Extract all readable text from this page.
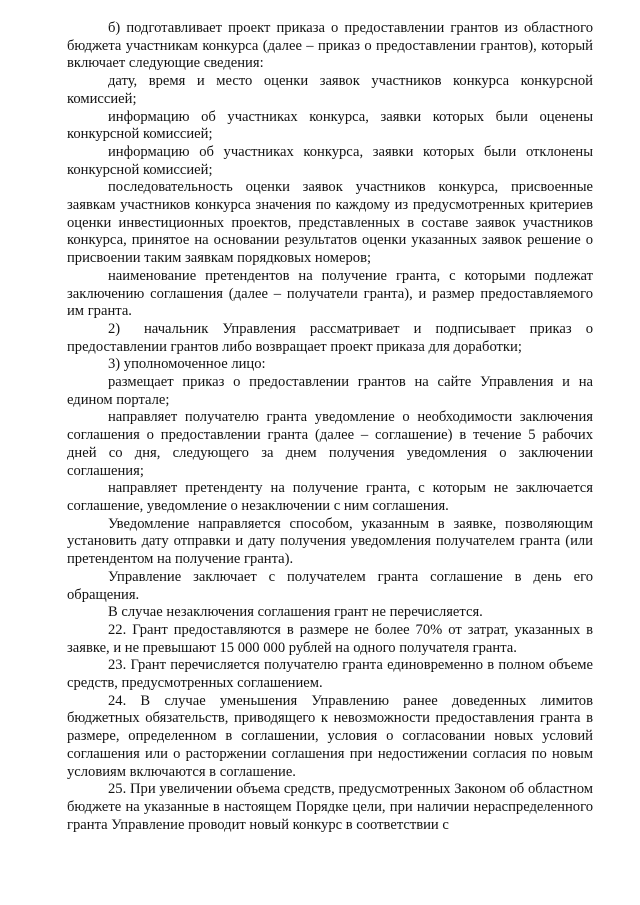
б) подготавливает проект приказа о предоставлении грантов из областного бюджета участникам конкурса (далее – приказ о предоставлении грантов), который включает следующие сведения:

дату, время и место оценки заявок участников конкурса конкурсной комиссией;

информацию об участниках конкурса, заявки которых были оценены конкурсной комиссией;

информацию об участниках конкурса, заявки которых были отклонены конкурсной комиссией;

последовательность оценки заявок участников конкурса, присвоенные заявкам участников конкурса значения по каждому из предусмотренных критериев оценки инвестиционных проектов, представленных в составе заявок участников конкурса, принятое на основании результатов оценки указанных заявок решение о присвоении таким заявкам порядковых номеров;

наименование претендентов на получение гранта, с которыми подлежат заключению соглашения (далее – получатели гранта), и размер предоставляемого им гранта.

2) начальник Управления рассматривает и подписывает приказ о предоставлении грантов либо возвращает проект приказа для доработки;

3) уполномоченное лицо:

размещает приказ о предоставлении грантов на сайте Управления и на едином портале;

направляет получателю гранта уведомление о необходимости заключения соглашения о предоставлении гранта (далее – соглашение) в течение 5 рабочих дней со дня, следующего за днем получения уведомления о заключении соглашения;

направляет претенденту на получение гранта, с которым не заключается соглашение, уведомление о незаключении с ним соглашения.

Уведомление направляется способом, указанным в заявке, позволяющим установить дату отправки и дату получения уведомления получателем гранта (или претендентом на получение гранта).

Управление заключает с получателем гранта соглашение в день его обращения.

В случае незаключения соглашения грант не перечисляется.

22. Грант предоставляются в размере не более 70% от затрат, указанных в заявке, и не превышают 15 000 000 рублей на одного получателя гранта.

23. Грант перечисляется получателю гранта единовременно в полном объеме средств, предусмотренных соглашением.

24. В случае уменьшения Управлению ранее доведенных лимитов бюджетных обязательств, приводящего к невозможности предоставления гранта в размере, определенном в соглашении, условия о согласовании новых условий соглашения или о расторжении соглашения при недостижении согласия по новым условиям включаются в соглашение.

25. При увеличении объема средств, предусмотренных Законом об областном бюджете на указанные в настоящем Порядке цели, при наличии нераспределенного гранта Управление проводит новый конкурс в соответствии с
